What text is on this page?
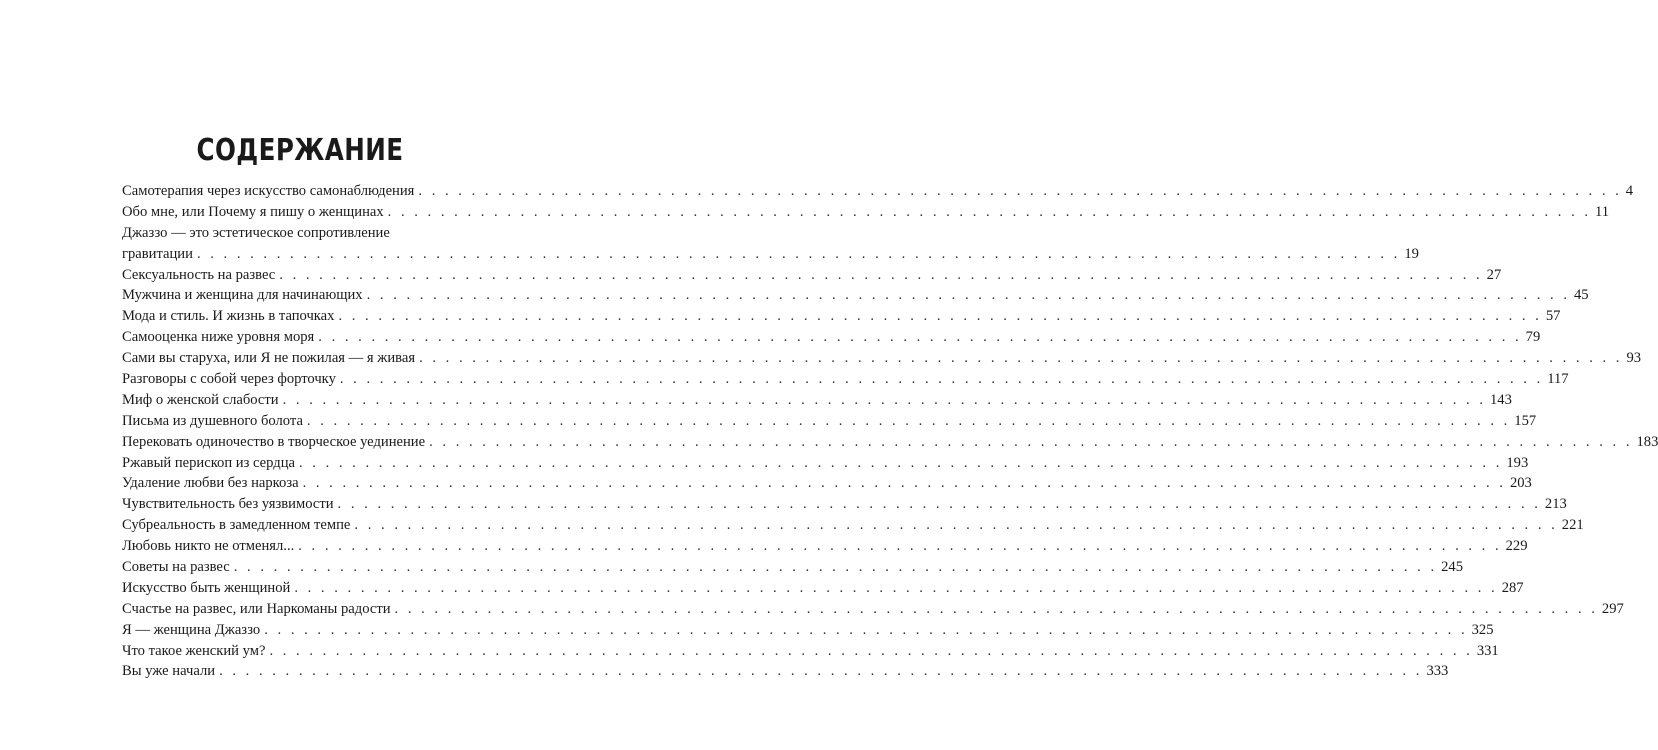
СОДЕРЖАНИЕ
Самотерапия через искусство самонаблюдения . . . . . . . . . . . . . . . . . . . . . . . . . . . . . . . . . . . . . . . . . . . . . . . . . . . . . . . . . . . . . . . . . . . . . . . . . . . . . . . . . . . . . . . . . . . 4
Обо мне, или Почему я пишу о женщинах . . . . . . . . . . . . . . . . . . . . . . . . . . . . . . . . . . . . . . . . . . . . . . . . . . . . . . . . . . . . . . . . . . . . . . . . . . . . . . . . . . . . . . . . . . . 11
Джаззо — это эстетическое сопротивление
гравитации . . . . . . . . . . . . . . . . . . . . . . . . . . . . . . . . . . . . . . . . . . . . . . . . . . . . . . . . . . . . . . . . . . . . . . . . . . . . . . . . . . . . . . . . . . . 19
Сексуальность на развес . . . . . . . . . . . . . . . . . . . . . . . . . . . . . . . . . . . . . . . . . . . . . . . . . . . . . . . . . . . . . . . . . . . . . . . . . . . . . . . . . . . . . . . . . . . 27
Мужчина и женщина для начинающих . . . . . . . . . . . . . . . . . . . . . . . . . . . . . . . . . . . . . . . . . . . . . . . . . . . . . . . . . . . . . . . . . . . . . . . . . . . . . . . . . . . . . . . . . . . 45
Мода и стиль. И жизнь в тапочках . . . . . . . . . . . . . . . . . . . . . . . . . . . . . . . . . . . . . . . . . . . . . . . . . . . . . . . . . . . . . . . . . . . . . . . . . . . . . . . . . . . . . . . . . . . 57
Самооценка ниже уровня моря . . . . . . . . . . . . . . . . . . . . . . . . . . . . . . . . . . . . . . . . . . . . . . . . . . . . . . . . . . . . . . . . . . . . . . . . . . . . . . . . . . . . . . . . . . . 79
Сами вы старуха, или Я не пожилая — я живая . . . . . . . . . . . . . . . . . . . . . . . . . . . . . . . . . . . . . . . . . . . . . . . . . . . . . . . . . . . . . . . . . . . . . . . . . . . . . . . . . . . . . . . . . . . 93
Разговоры с собой через форточку . . . . . . . . . . . . . . . . . . . . . . . . . . . . . . . . . . . . . . . . . . . . . . . . . . . . . . . . . . . . . . . . . . . . . . . . . . . . . . . . . . . . . . . . . . . 117
Миф о женской слабости . . . . . . . . . . . . . . . . . . . . . . . . . . . . . . . . . . . . . . . . . . . . . . . . . . . . . . . . . . . . . . . . . . . . . . . . . . . . . . . . . . . . . . . . . . . 143
Письма из душевного болота . . . . . . . . . . . . . . . . . . . . . . . . . . . . . . . . . . . . . . . . . . . . . . . . . . . . . . . . . . . . . . . . . . . . . . . . . . . . . . . . . . . . . . . . . . . 157
Перековать одиночество в творческое уединение . . . . . . . . . . . . . . . . . . . . . . . . . . . . . . . . . . . . . . . . . . . . . . . . . . . . . . . . . . . . . . . . . . . . . . . . . . . . . . . . . . . . . . . . . . . 183
Ржавый перископ из сердца . . . . . . . . . . . . . . . . . . . . . . . . . . . . . . . . . . . . . . . . . . . . . . . . . . . . . . . . . . . . . . . . . . . . . . . . . . . . . . . . . . . . . . . . . . . 193
Удаление любви без наркоза . . . . . . . . . . . . . . . . . . . . . . . . . . . . . . . . . . . . . . . . . . . . . . . . . . . . . . . . . . . . . . . . . . . . . . . . . . . . . . . . . . . . . . . . . . . 203
Чувствительность без уязвимости . . . . . . . . . . . . . . . . . . . . . . . . . . . . . . . . . . . . . . . . . . . . . . . . . . . . . . . . . . . . . . . . . . . . . . . . . . . . . . . . . . . . . . . . . . . 213
Субреальность в замедленном темпе . . . . . . . . . . . . . . . . . . . . . . . . . . . . . . . . . . . . . . . . . . . . . . . . . . . . . . . . . . . . . . . . . . . . . . . . . . . . . . . . . . . . . . . . . . . 221
Любовь никто не отменял... . . . . . . . . . . . . . . . . . . . . . . . . . . . . . . . . . . . . . . . . . . . . . . . . . . . . . . . . . . . . . . . . . . . . . . . . . . . . . . . . . . . . . . . . . . . 229
Советы на развес . . . . . . . . . . . . . . . . . . . . . . . . . . . . . . . . . . . . . . . . . . . . . . . . . . . . . . . . . . . . . . . . . . . . . . . . . . . . . . . . . . . . . . . . . . . 245
Искусство быть женщиной . . . . . . . . . . . . . . . . . . . . . . . . . . . . . . . . . . . . . . . . . . . . . . . . . . . . . . . . . . . . . . . . . . . . . . . . . . . . . . . . . . . . . . . . . . . 287
Счастье на развес, или Наркоманы радости . . . . . . . . . . . . . . . . . . . . . . . . . . . . . . . . . . . . . . . . . . . . . . . . . . . . . . . . . . . . . . . . . . . . . . . . . . . . . . . . . . . . . . . . . . . 297
Я — женщина Джаззо . . . . . . . . . . . . . . . . . . . . . . . . . . . . . . . . . . . . . . . . . . . . . . . . . . . . . . . . . . . . . . . . . . . . . . . . . . . . . . . . . . . . . . . . . . . 325
Что такое женский ум? . . . . . . . . . . . . . . . . . . . . . . . . . . . . . . . . . . . . . . . . . . . . . . . . . . . . . . . . . . . . . . . . . . . . . . . . . . . . . . . . . . . . . . . . . . . 331
Вы уже начали . . . . . . . . . . . . . . . . . . . . . . . . . . . . . . . . . . . . . . . . . . . . . . . . . . . . . . . . . . . . . . . . . . . . . . . . . . . . . . . . . . . . . . . . . . . 333
